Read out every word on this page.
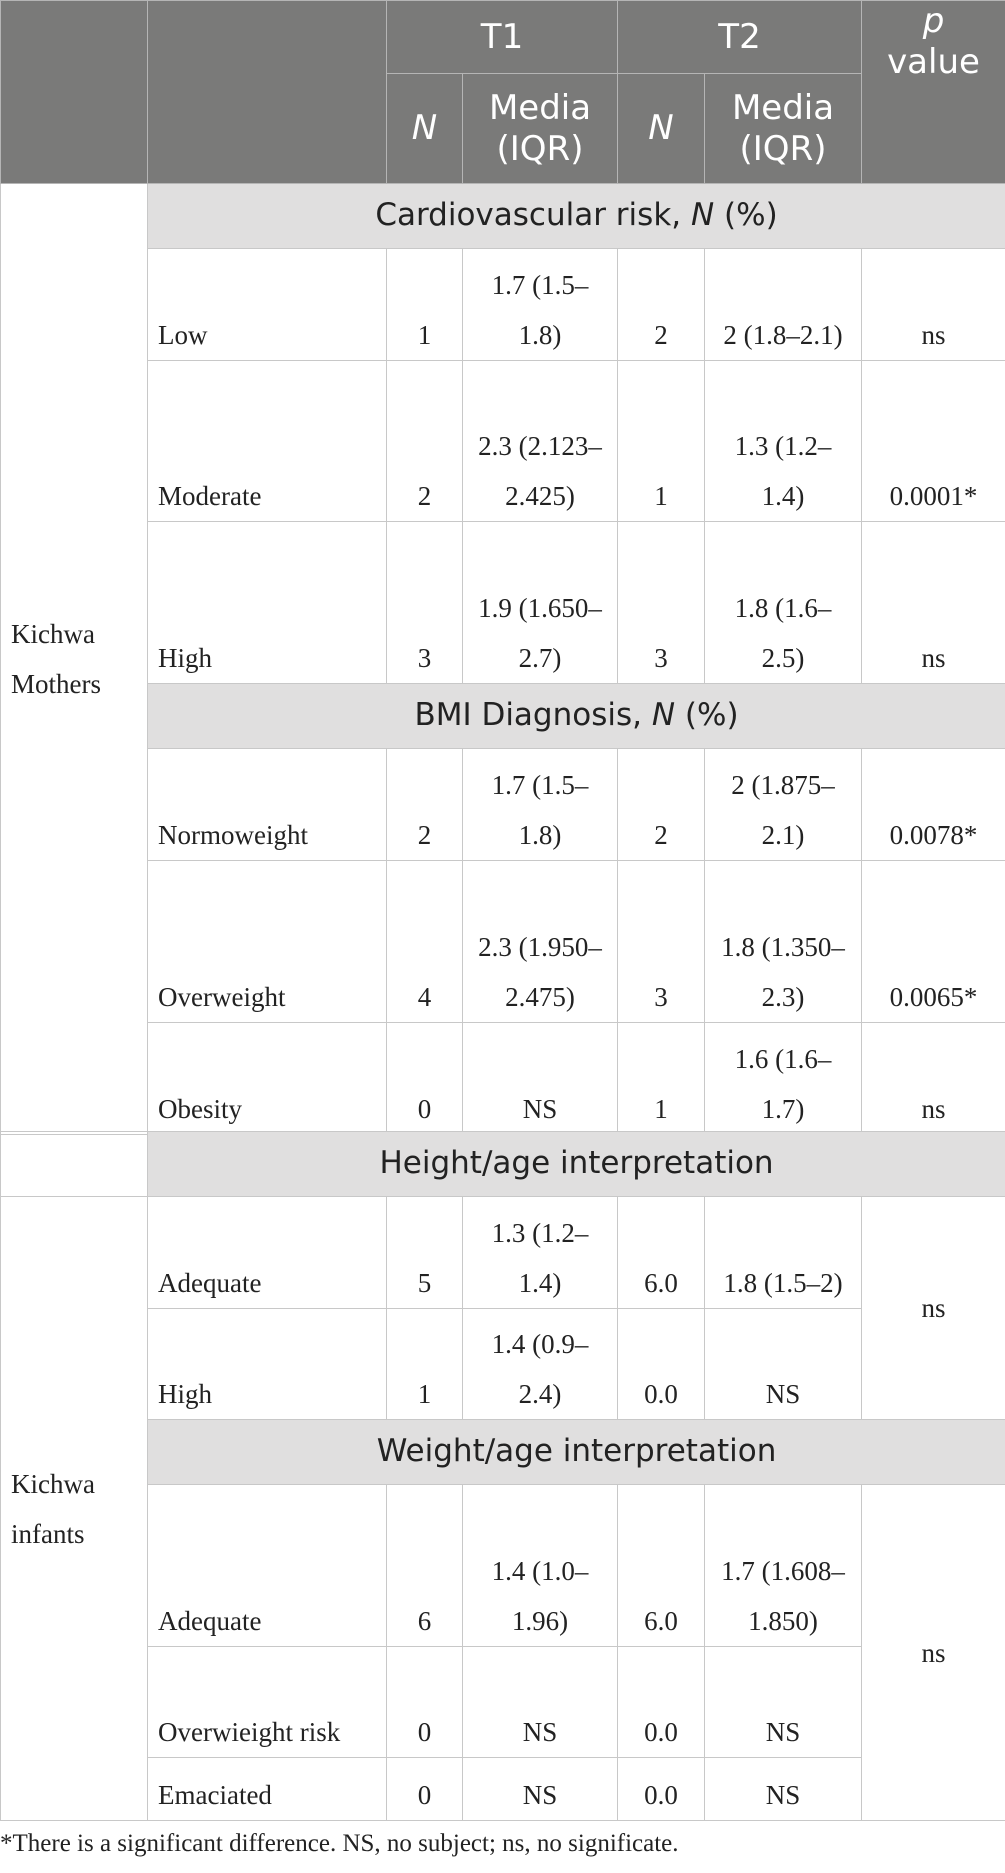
		T1		T2		p
value
		N	Media (IQR)	N	Media (IQR)	
Kichwa Mothers	Cardiovascular risk, N (%)					
	Low	1	1.7 (1.5–1.8)	2	2 (1.8–2.1)	ns
	Moderate	2	2.3 (2.123–2.425)	1	1.3 (1.2–1.4)	0.0001*
	High	3	1.9 (1.650–2.7)	3	1.8 (1.6–2.5)	ns
	BMI Diagnosis, N (%)					
	Normoweight	2	1.7 (1.5–1.8)	2	2 (1.875–2.1)	0.0078*
	Overweight	4	2.3 (1.950–2.475)	3	1.8 (1.350–2.3)	0.0065*
	Obesity	0	NS	1	1.6 (1.6–1.7)	ns
	Height/age interpretation					
Kichwa infants	Adequate	5	1.3 (1.2–1.4)	6.0	1.8 (1.5–2)	ns
	High	1	1.4 (0.9–2.4)	0.0	NS	
	Weight/age interpretation					
	Adequate	6	1.4 (1.0–1.96)	6.0	1.7 (1.608–1.850)	ns
	Overwieight risk	0	NS	0.0	NS	
	Emaciated	0	NS	0.0	NS	
*There is a significant difference. NS, no subject; ns, no significate.
